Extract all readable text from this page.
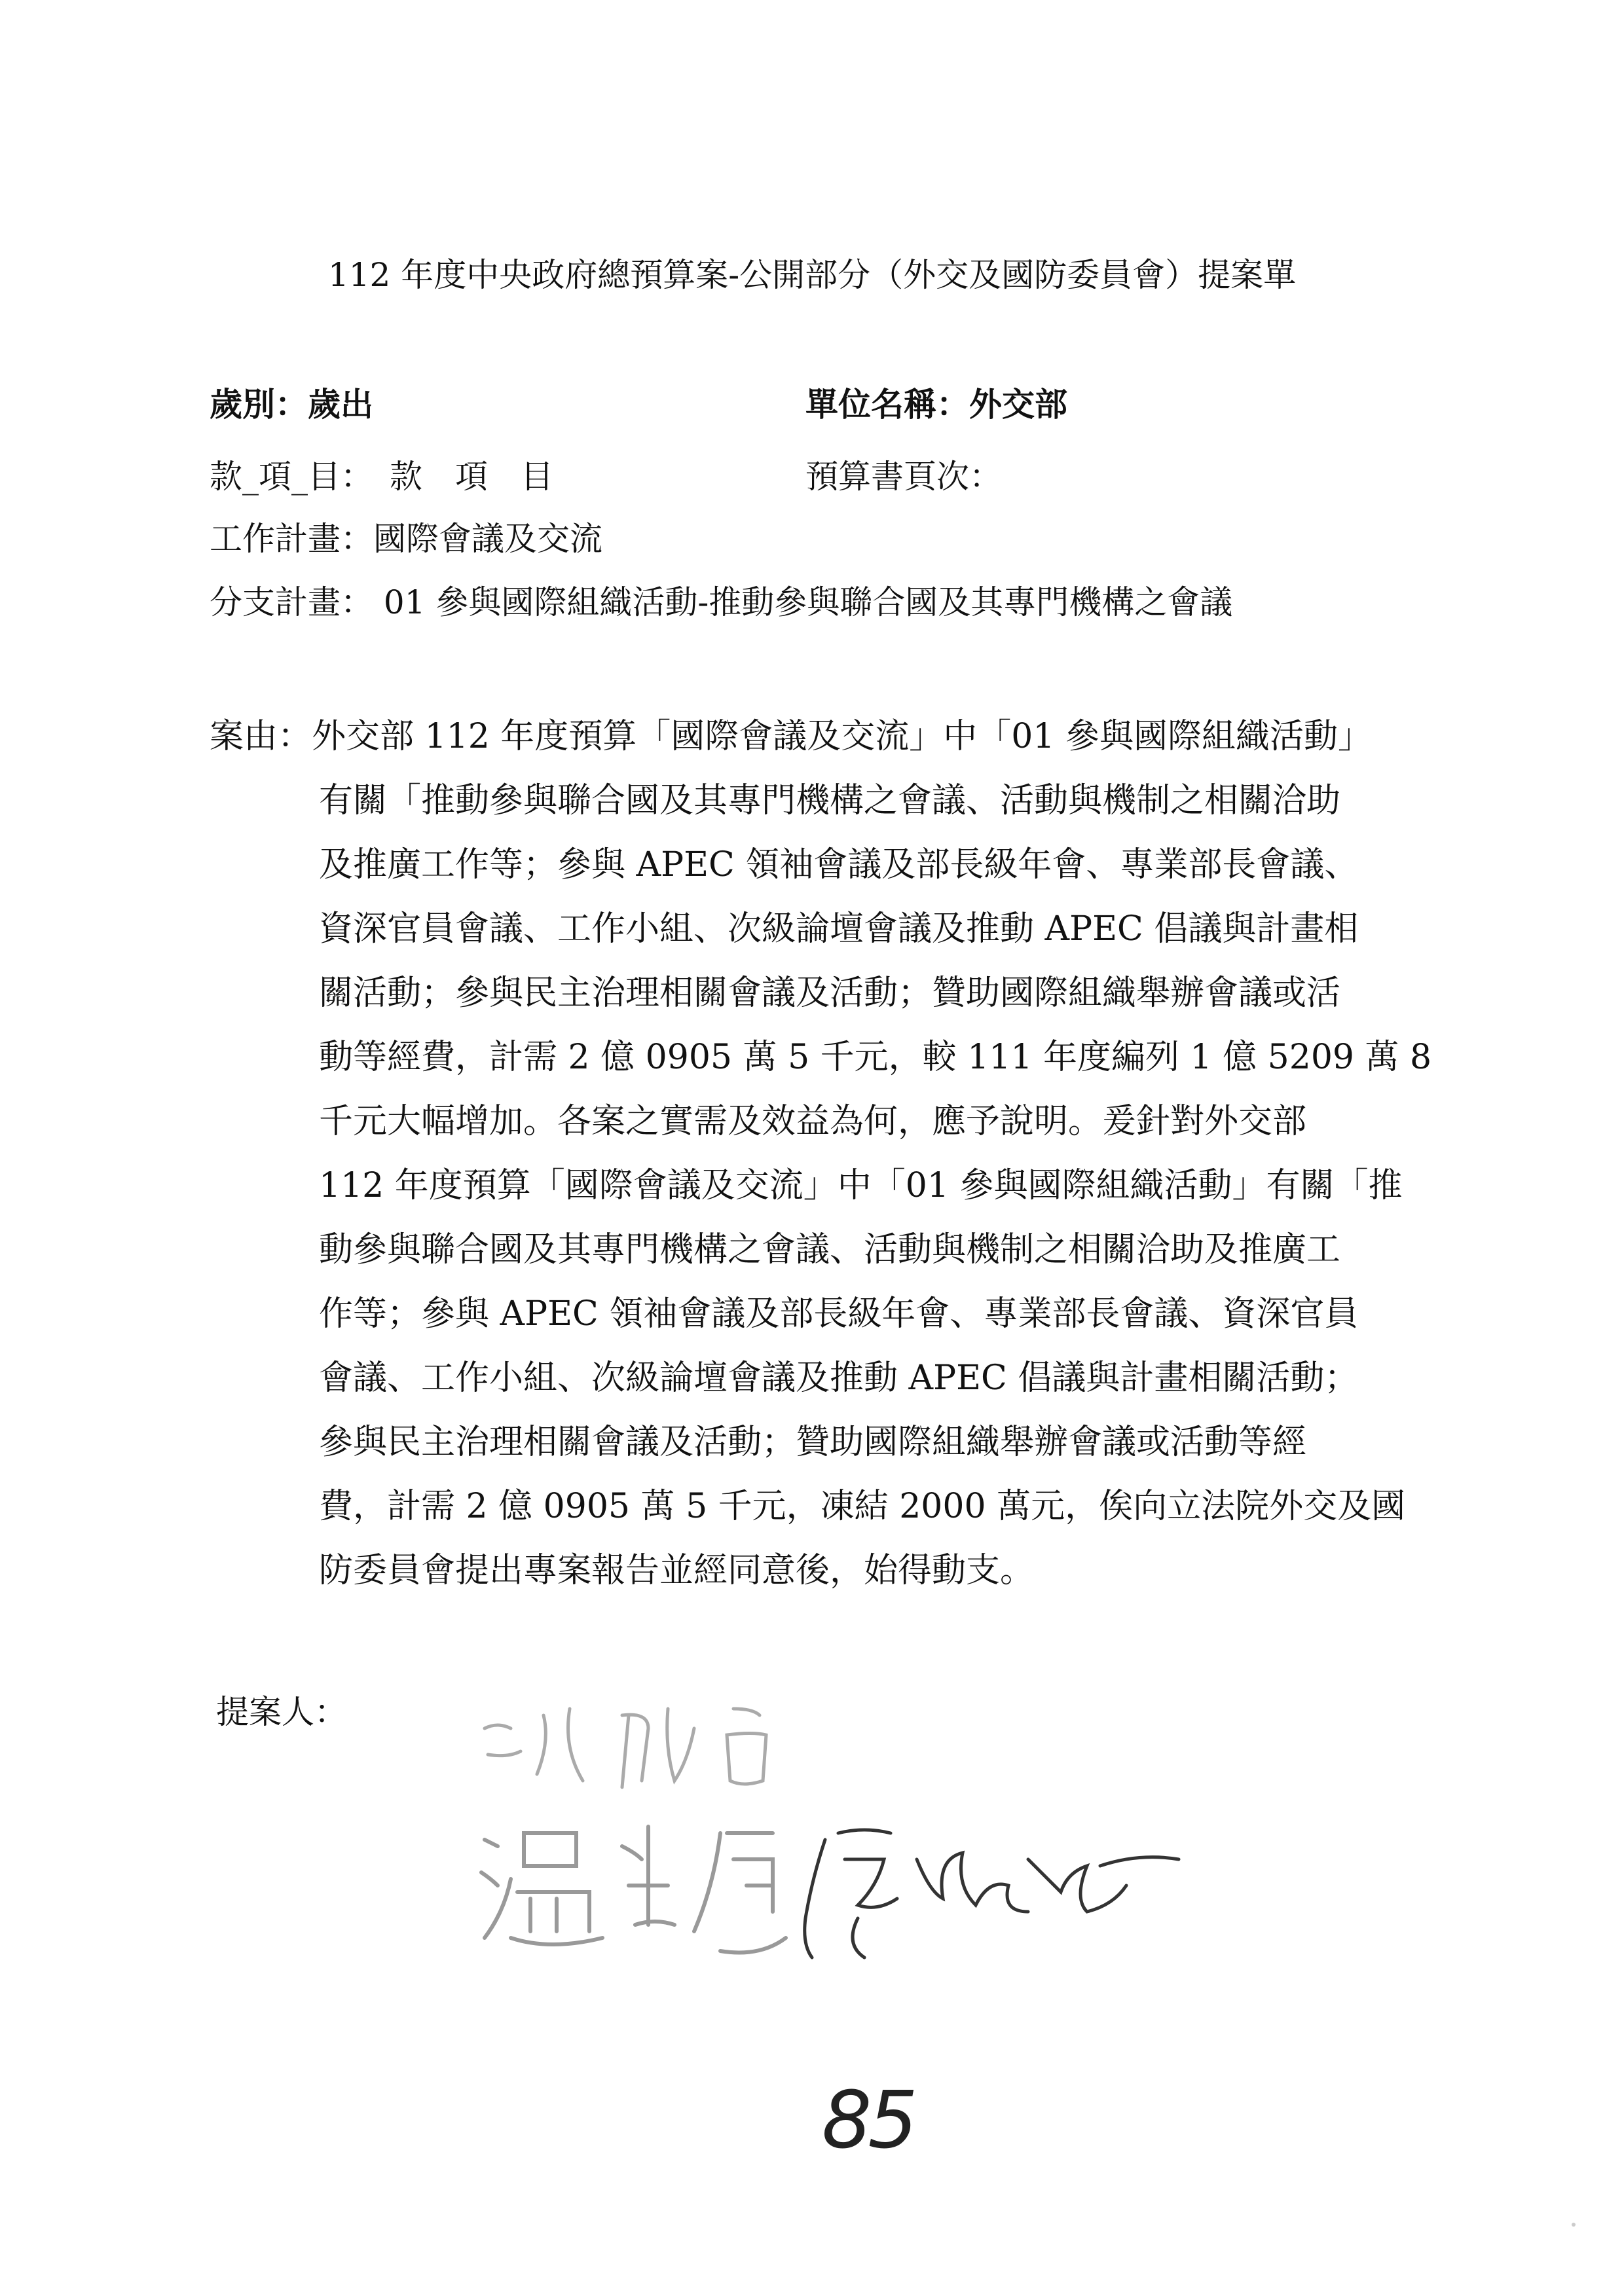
112 年度中央政府總預算案-公開部分（外交及國防委員會）提案單
歲別：歲出	單位名稱：外交部
款_項_目：　款　項　目	預算書頁次：
工作計畫：國際會議及交流
分支計畫： 01 參與國際組織活動-推動參與聯合國及其專門機構之會議
案由：外交部 112 年度預算「國際會議及交流」中「01 參與國際組織活動」
有關「推動參與聯合國及其專門機構之會議、活動與機制之相關洽助
及推廣工作等；參與 APEC 領袖會議及部長級年會、專業部長會議、
資深官員會議、工作小組、次級論壇會議及推動 APEC 倡議與計畫相
關活動；參與民主治理相關會議及活動；贊助國際組織舉辦會議或活
動等經費，計需 2 億 0905 萬 5 千元，較 111 年度編列 1 億 5209 萬 8
千元大幅增加。各案之實需及效益為何，應予說明。爰針對外交部
112 年度預算「國際會議及交流」中「01 參與國際組織活動」有關「推
動參與聯合國及其專門機構之會議、活動與機制之相關洽助及推廣工
作等；參與 APEC 領袖會議及部長級年會、專業部長會議、資深官員
會議、工作小組、次級論壇會議及推動 APEC 倡議與計畫相關活動；
參與民主治理相關會議及活動；贊助國際組織舉辦會議或活動等經
費，計需 2 億 0905 萬 5 千元，凍結 2000 萬元，俟向立法院外交及國
防委員會提出專案報告並經同意後，始得動支。
提案人：
85
